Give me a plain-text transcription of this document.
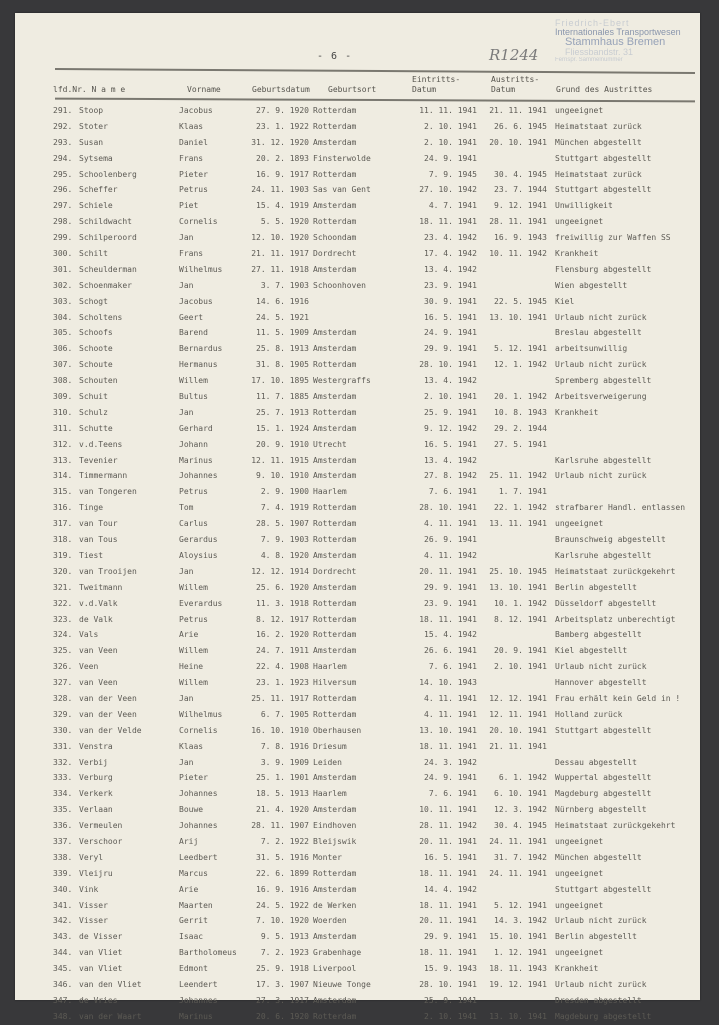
- 6 -	R1244
Friedrich-Ebert
Internationales Transportwesen
Stammhaus Bremen
Fliessbandstr. 31
Fernspr. Sammelnummer
lfd.Nr. N a m e	Vorname	Geburtsdatum Geburtsort
Eintritts-
Datum
Austritts-
Datum	Grund des Austrittes
291. Stoop	Jacobus	27. 9. 1920 Rotterdam	11. 11. 1941	21. 11. 1941 ungeeignet
292. Stoter	Klaas	23. 1. 1922 Rotterdam	2. 10. 1941	26. 6. 1945 Heimatstaat zurück
293. Susan	Daniel	31. 12. 1920 Amsterdam	2. 10. 1941	20. 10. 1941 München abgestellt
294. Sytsema	Frans	20. 2. 1893 Finsterwolde	24. 9. 1941	Stuttgart abgestellt
295. Schoolenberg	Pieter	16. 9. 1917 Rotterdam	7. 9. 1945	30. 4. 1945 Heimatstaat zurück
296. Scheffer	Petrus	24. 11. 1903 Sas van Gent	27. 10. 1942	23. 7. 1944 Stuttgart abgestellt
297. Schiele	Piet	15. 4. 1919 Amsterdam	4. 7. 1941	9. 12. 1941 Unwilligkeit
298. Schildwacht	Cornelis	5. 5. 1920 Rotterdam	18. 11. 1941	28. 11. 1941 ungeeignet
299. Schilperoord	Jan	12. 10. 1920 Schoondam	23. 4. 1942	16. 9. 1943 freiwillig zur Waffen SS
300. Schilt	Frans	21. 11. 1917 Dordrecht	17. 4. 1942	10. 11. 1942 Krankheit
301. Scheulderman	Wilhelmus	27. 11. 1918 Amsterdam	13. 4. 1942	Flensburg abgestellt
302. Schoenmaker	Jan	3. 7. 1903 Schoonhoven	23. 9. 1941	Wien abgestellt
303. Schogt	Jacobus	14. 6. 1916	30. 9. 1941	22. 5. 1945 Kiel
304. Scholtens	Geert	24. 5. 1921	16. 5. 1941	13. 10. 1941 Urlaub nicht zurück
305. Schoofs	Barend	11. 5. 1909 Amsterdam	24. 9. 1941	Breslau abgestellt
306. Schoote	Bernardus	25. 8. 1913 Amsterdam	29. 9. 1941	5. 12. 1941 arbeitsunwillig
307. Schoute	Hermanus	31. 8. 1905 Rotterdam	28. 10. 1941	12. 1. 1942 Urlaub nicht zurück
308. Schouten	Willem	17. 10. 1895 Westergraffs	13. 4. 1942	Spremberg abgestellt
309. Schuit	Bultus	11. 7. 1885 Amsterdam	2. 10. 1941	20. 1. 1942 Arbeitsverweigerung
310. Schulz	Jan	25. 7. 1913 Rotterdam	25. 9. 1941	10. 8. 1943 Krankheit
311. Schutte	Gerhard	15. 1. 1924 Amsterdam	9. 12. 1942	29. 2. 1944
312. v.d.Teens	Johann	20. 9. 1910 Utrecht	16. 5. 1941	27. 5. 1941
313. Tevenier	Marinus	12. 11. 1915 Amsterdam	13. 4. 1942	Karlsruhe abgestellt
314. Timmermann	Johannes	9. 10. 1910 Amsterdam	27. 8. 1942	25. 11. 1942 Urlaub nicht zurück
315. van Tongeren	Petrus	2. 9. 1900 Haarlem	7. 6. 1941	1. 7. 1941
316. Tinge	Tom	7. 4. 1919 Rotterdam	28. 10. 1941	22. 1. 1942 strafbarer Handl. entlassen
317. van Tour	Carlus	28. 5. 1907 Rotterdam	4. 11. 1941	13. 11. 1941 ungeeignet
318. van Tous	Gerardus	7. 9. 1903 Rotterdam	26. 9. 1941	Braunschweig abgestellt
319. Tiest	Aloysius	4. 8. 1920 Amsterdam	4. 11. 1942	Karlsruhe abgestellt
320. van Trooijen	Jan	12. 12. 1914 Dordrecht	20. 11. 1941	25. 10. 1945 Heimatstaat zurückgekehrt
321. Tweitmann	Willem	25. 6. 1920 Amsterdam	29. 9. 1941	13. 10. 1941 Berlin abgestellt
322. v.d.Valk	Everardus	11. 3. 1918 Rotterdam	23. 9. 1941	10. 1. 1942 Düsseldorf abgestellt
323. de Valk	Petrus	8. 12. 1917 Rotterdam	18. 11. 1941	8. 12. 1941 Arbeitsplatz unberechtigt
324. Vals	Arie	16. 2. 1920 Rotterdam	15. 4. 1942	Bamberg abgestellt
325. van Veen	Willem	24. 7. 1911 Amsterdam	26. 6. 1941	20. 9. 1941 Kiel abgestellt
326. Veen	Heine	22. 4. 1908 Haarlem	7. 6. 1941	2. 10. 1941 Urlaub nicht zurück
327. van Veen	Willem	23. 1. 1923 Hilversum	14. 10. 1943	Hannover abgestellt
328. van der Veen	Jan	25. 11. 1917 Rotterdam	4. 11. 1941	12. 12. 1941 Frau erhält kein Geld in !
329. van der Veen	Wilhelmus	6. 7. 1905 Rotterdam	4. 11. 1941	12. 11. 1941 Holland zurück
330. van der Velde	Cornelis	16. 10. 1910 Oberhausen	13. 10. 1941	20. 10. 1941 Stuttgart abgestellt
331. Venstra	Klaas	7. 8. 1916 Driesum	18. 11. 1941	21. 11. 1941
332. Verbij	Jan	3. 9. 1909 Leiden	24. 3. 1942	Dessau abgestellt
333. Verburg	Pieter	25. 1. 1901 Amsterdam	24. 9. 1941	6. 1. 1942 Wuppertal abgestellt
334. Verkerk	Johannes	18. 5. 1913 Haarlem	7. 6. 1941	6. 10. 1941 Magdeburg abgestellt
335. Verlaan	Bouwe	21. 4. 1920 Amsterdam	10. 11. 1941	12. 3. 1942 Nürnberg abgestellt
336. Vermeulen	Johannes	28. 11. 1907 Eindhoven	28. 11. 1942	30. 4. 1945 Heimatstaat zurückgekehrt
337. Verschoor	Arij	7. 2. 1922 Bleijswik	20. 11. 1941	24. 11. 1941 ungeeignet
338. Veryl	Leedbert	31. 5. 1916 Monter	16. 5. 1941	31. 7. 1942 München abgestellt
339. Vleijru	Marcus	22. 6. 1899 Rotterdam	18. 11. 1941	24. 11. 1941 ungeeignet
340. Vink	Arie	16. 9. 1916 Amsterdam	14. 4. 1942	Stuttgart abgestellt
341. Visser	Maarten	24. 5. 1922 de Werken	18. 11. 1941	5. 12. 1941 ungeeignet
342. Visser	Gerrit	7. 10. 1920 Woerden	20. 11. 1941	14. 3. 1942 Urlaub nicht zurück
343. de Visser	Isaac	9. 5. 1913 Amsterdam	29. 9. 1941	15. 10. 1941 Berlin abgestellt
344. van Vliet	Bartholomeus	7. 2. 1923 Grabenhage	18. 11. 1941	1. 12. 1941 ungeeignet
345. van Vliet	Edmont	25. 9. 1918 Liverpool	15. 9. 1943	18. 11. 1943 Krankheit
346. van den Vliet	Leendert	17. 3. 1907 Nieuwe Tonge	28. 10. 1941	19. 12. 1941 Urlaub nicht zurück
347. de Vries	Johannes	27. 3. 1917 Amsterdam	25. 9. 1941	Dresden abgestellt
348. van der Waart	Marinus	20. 6. 1920 Rotterdam	2. 10. 1941	13. 10. 1941 Magdeburg abgestellt
